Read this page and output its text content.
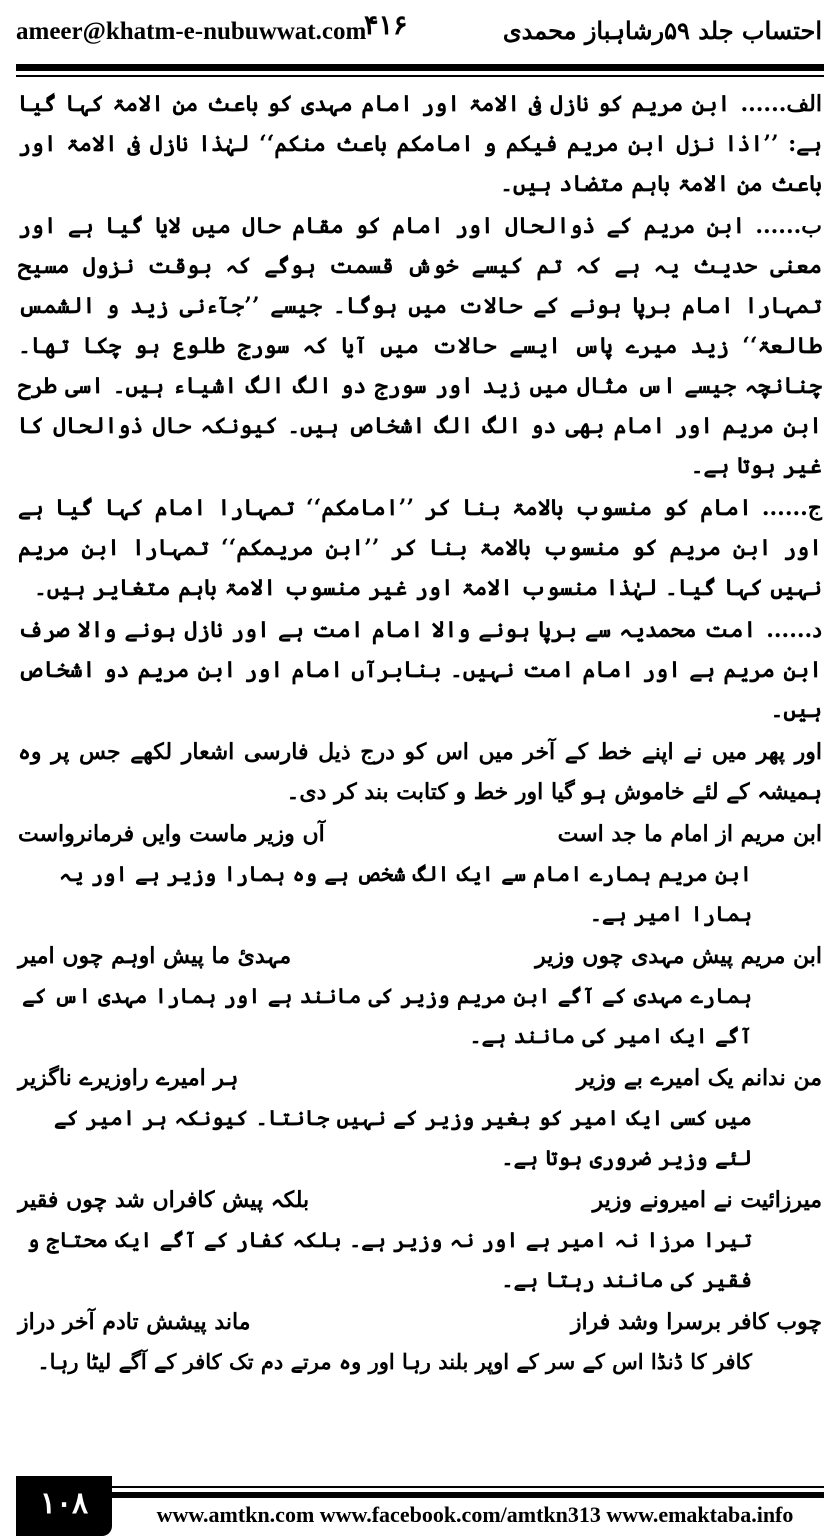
ameer@khatm-e-nubuwwat.com
۴۱۶	احتساب جلد ۵۹رشاہباز محمدی

الف......ابن مریم کو نازل فی الامۃ اور امام مہدی کو باعث من الامۃ کہا گیا ہے: ’’اذا نزل ابن مریم فیکم و امامکم باعث منکم‘‘ لہٰذا نازل فی الامۃ اور باعث من الامۃ باہم متضاد ہیں۔

ب......ابن مریم کے ذوالحال اور امام کو مقام حال میں لایا گیا ہے اور معنی حدیث یہ ہے کہ تم کیسے خوش قسمت ہوگے کہ بوقت نزول مسیح تمہارا امام برپا ہونے کے حالات میں ہوگا۔ جیسے ’’جآءنی زید و الشمس طالعۃ‘‘ زید میرے پاس ایسے حالات میں آیا کہ سورج طلوع ہو چکا تھا۔ چنانچہ جیسے اس مثال میں زید اور سورج دو الگ الگ اشیاء ہیں۔ اسی طرح ابن مریم اور امام بھی دو الگ الگ اشخاص ہیں۔ کیونکہ حال ذوالحال کا غیر ہوتا ہے۔

ج......امام کو منسوب بالامۃ بنا کر ’’امامکم‘‘ تمہارا امام کہا گیا ہے اور ابن مریم کو منسوب بالامۃ بنا کر ’’ابن مریمکم‘‘ تمہارا ابن مریم نہیں کہا گیا۔ لہٰذا منسوب الامۃ اور غیر منسوب الامۃ باہم متغایر ہیں۔

د......امت محمدیہ سے برپا ہونے والا امام امت ہے اور نازل ہونے والا صرف ابن مریم ہے اور امام امت نہیں۔ بنابرآں امام اور ابن مریم دو اشخاص ہیں۔

اور پھر میں نے اپنے خط کے آخر میں اس کو درج ذیل فارسی اشعار لکھے جس پر وہ ہمیشہ کے لئے خاموش ہو گیا اور خط و کتابت بند کر دی۔

ابن مریم از امام ما جد است
آں وزیر ماست وایں فرمانرواست
ابن مریم ہمارے امام سے ایک الگ شخص ہے وہ ہمارا وزیر ہے اور یہ ہمارا امیر ہے۔
ابن مریم پیش مہدی چوں وزیر
مہدیٔ ما پیش اوہم چوں امیر
ہمارے مہدی کے آگے ابن مریم وزیر کی مانند ہے اور ہمارا مہدی اس کے آگے ایک امیر کی مانند ہے۔
من ندانم یک امیرے بے وزیر
ہر امیرے راوزیرے ناگزیر
میں کسی ایک امیر کو بغیر وزیر کے نہیں جانتا۔ کیونکہ ہر امیر کے لئے وزیر ضروری ہوتا ہے۔
میرزائیت نے امیرونے وزیر
بلکہ پیش کافراں شد چوں فقیر
تیرا مرزا نہ امیر ہے اور نہ وزیر ہے۔ بلکہ کفار کے آگے ایک محتاج و فقیر کی مانند رہتا ہے۔
چوب کافر برسرا وشد فراز
ماند پیشش تادم آخر دراز
کافر کا ڈنڈا اس کے سر کے اوپر بلند رہا اور وہ مرتے دم تک کافر کے آگے لیٹا رہا۔
۱۰۸	www.amtkn.com www.facebook.com/amtkn313 www.emaktaba.info
